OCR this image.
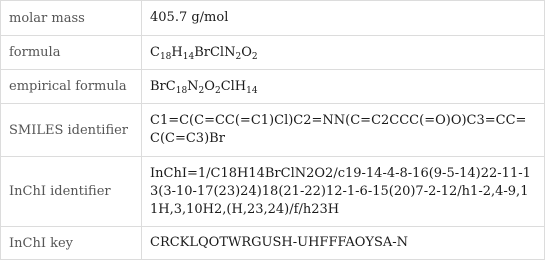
molar mass	405.7 g/mol
formula	$C_{18}H_{14}BrClN_2O_2$
empirical formula	$BrC_{18}N_2O_2ClH_{14}$
SMILES identifier	C1=C(C=CC(=C1)Cl)C2=NN(C=C2CCC(=O)O)C3=CC=C(C=C3)Br
InChI identifier	InChI=1/C18H14BrClN2O2/c19-14-4-8-16(9-5-14)22-11-13(3-10-17(23)24)18(21-22)12-1-6-15(20)7-2-12/h1-2,4-9,11H,3,10H2,(H,23,24)/f/h23H
InChI key	CRCKLQOTWRGUSH-UHFFFAOYSA-N
